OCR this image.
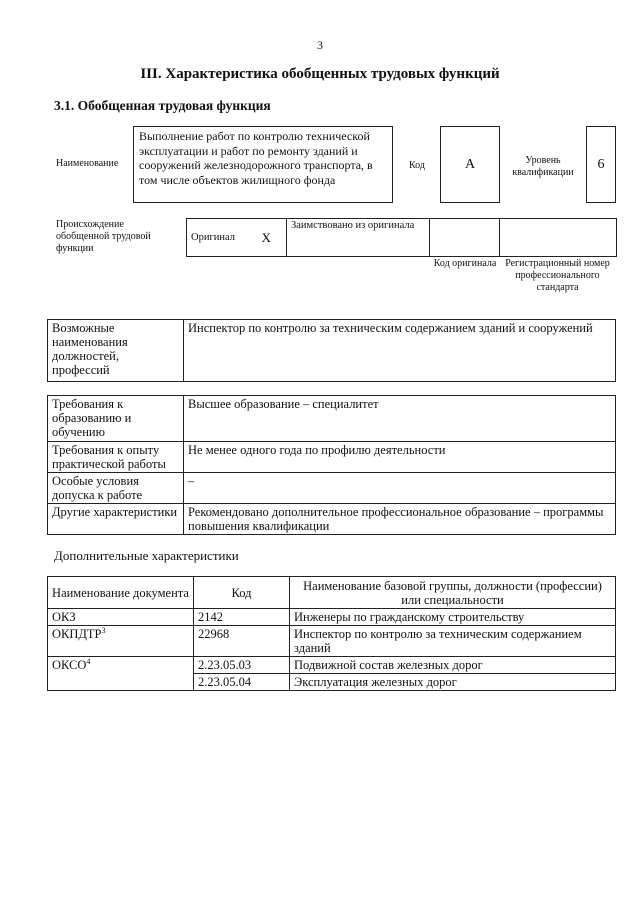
3
III. Характеристика обобщенных трудовых функций
3.1. Обобщенная трудовая функция
Наименование
Выполнение работ по контролю технической эксплуатации и работ по ремонту зданий и сооружений железнодорожного транспорта, в том числе объектов жилищного фонда
Код	A	Уровень квалификации
6
Происхождение обобщенной трудовой функции
Оригинал	X	Заимствовано из оригинала		
Код оригинала Регистрационный номер профессионального стандарта
Возможные наименования должностей, профессий	Инспектор по контролю за техническим содержанием зданий и сооружений
Требования к образованию и обучению	Высшее образование – специалитет
Требования к опыту практической работы	Не менее одного года по профилю деятельности
Особые условия допуска к работе	–
Другие характеристики	Рекомендовано дополнительное профессиональное образование – программы повышения квалификации
Дополнительные характеристики
Наименование документа	Код	Наименование базовой группы, должности (профессии) или специальности
ОКЗ	2142	Инженеры по гражданскому строительству
ОКПДТР$^3$	22968	Инспектор по контролю за техническим содержанием зданий
ОКСО$^4$	2.23.05.03	Подвижной состав железных дорог
	2.23.05.04	Эксплуатация железных дорог
